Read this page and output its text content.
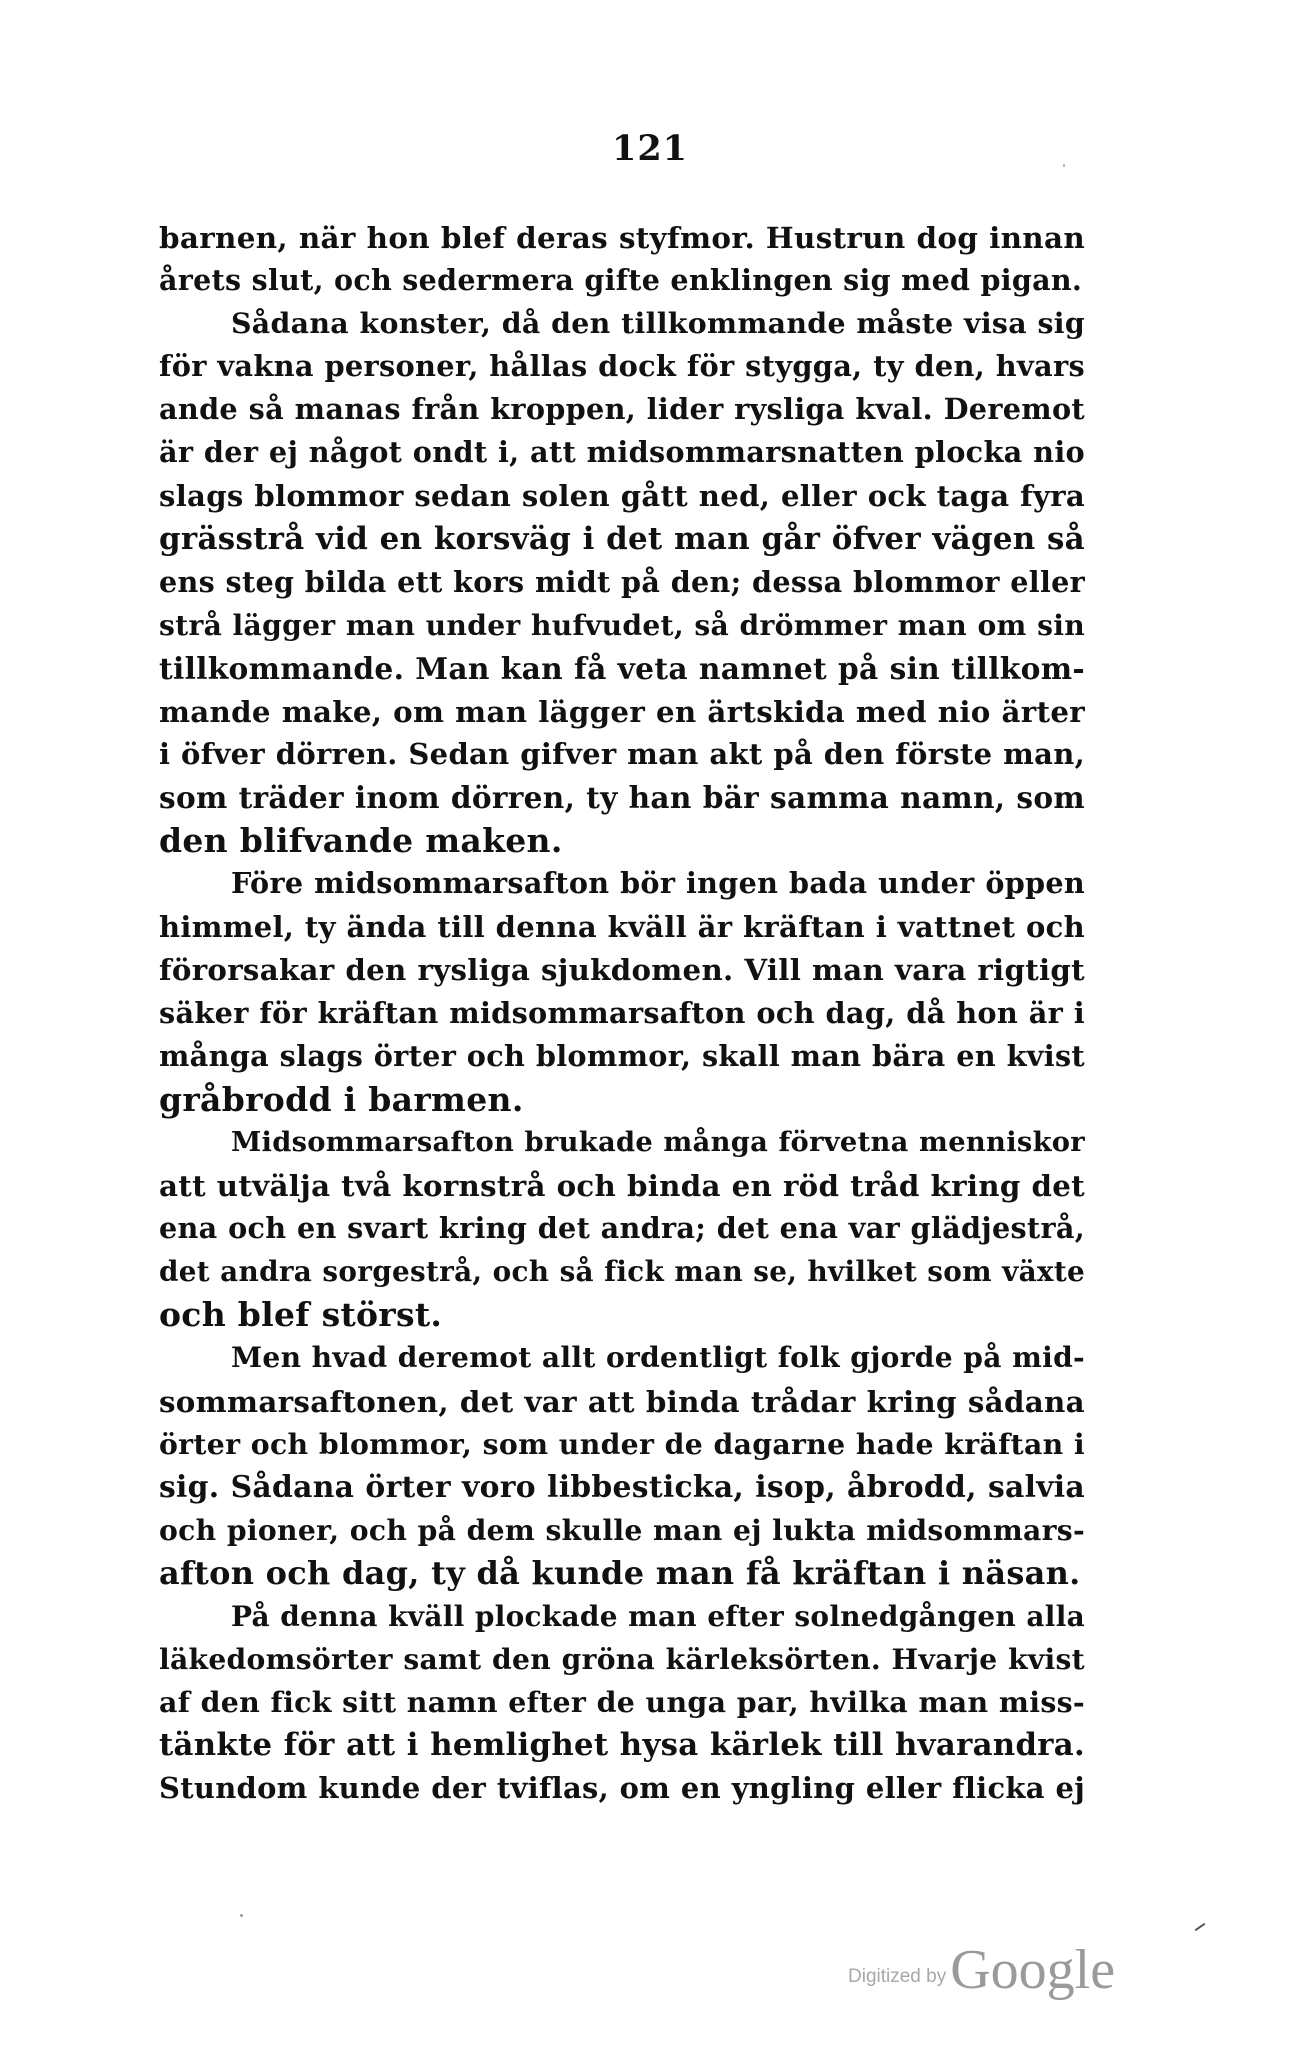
121
barnen, när hon blef deras styfmor. Hustrun dog innan
årets slut, och sedermera gifte enklingen sig med pigan.
Sådana konster, då den tillkommande måste visa sig
för vakna personer, hållas dock för stygga, ty den, hvars
ande så manas från kroppen, lider rysliga kval. Deremot
är der ej något ondt i, att midsommarsnatten plocka nio
slags blommor sedan solen gått ned, eller ock taga fyra
grässtrå vid en korsväg i det man går öfver vägen så
ens steg bilda ett kors midt på den; dessa blommor eller
strå lägger man under hufvudet, så drömmer man om sin
tillkommande. Man kan få veta namnet på sin tillkom-
mande make, om man lägger en ärtskida med nio ärter
i öfver dörren. Sedan gifver man akt på den förste man,
som träder inom dörren, ty han bär samma namn, som
den blifvande maken.
Före midsommarsafton bör ingen bada under öppen
himmel, ty ända till denna kväll är kräftan i vattnet och
förorsakar den rysliga sjukdomen. Vill man vara rigtigt
säker för kräftan midsommarsafton och dag, då hon är i
många slags örter och blommor, skall man bära en kvist
gråbrodd i barmen.
Midsommarsafton brukade många förvetna menniskor
att utvälja två kornstrå och binda en röd tråd kring det
ena och en svart kring det andra; det ena var glädjestrå,
det andra sorgestrå, och så fick man se, hvilket som växte
och blef störst.
Men hvad deremot allt ordentligt folk gjorde på mid-
sommarsaftonen, det var att binda trådar kring sådana
örter och blommor, som under de dagarne hade kräftan i
sig. Sådana örter voro libbesticka, isop, åbrodd, salvia
och pioner, och på dem skulle man ej lukta midsommars-
afton och dag, ty då kunde man få kräftan i näsan.
På denna kväll plockade man efter solnedgången alla
läkedomsörter samt den gröna kärleksörten. Hvarje kvist
af den fick sitt namn efter de unga par, hvilka man miss-
tänkte för att i hemlighet hysa kärlek till hvarandra.
Stundom kunde der tviflas, om en yngling eller flicka ej
Digitized byGoogle
